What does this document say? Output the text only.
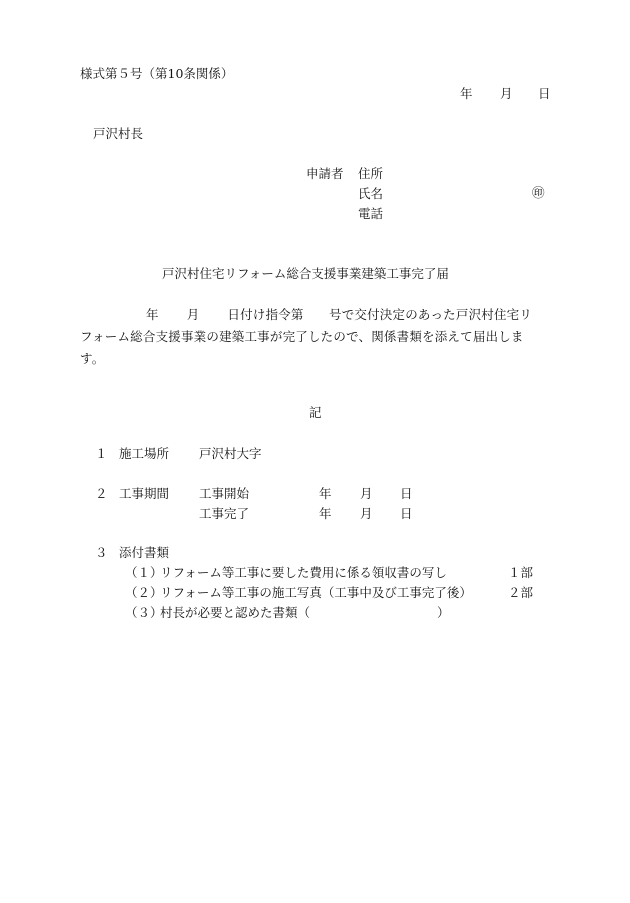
様式第５号（第10条関係）
年 月 日
戸沢村長
申請者 住所
氏名	㊞
電話
戸沢村住宅リフォーム総合支援事業建築工事完了届
年 月 日付け指令第　　号で交付決定のあった戸沢村住宅リ
フォーム総合支援事業の建築工事が完了したので、関係書類を添えて届出しま
す。
記
１ 施工場所 戸沢村大字
２ 工事期間 工事開始	年 月 日
工事完了	年 月 日
３ 添付書類
（１）
リフォーム等工事に要した費用に係る領収書の写し	１部
（２）
リフォーム等工事の施工写真（工事中及び工事完了後）	２部
（３）
村長が必要と認めた書類（	）
